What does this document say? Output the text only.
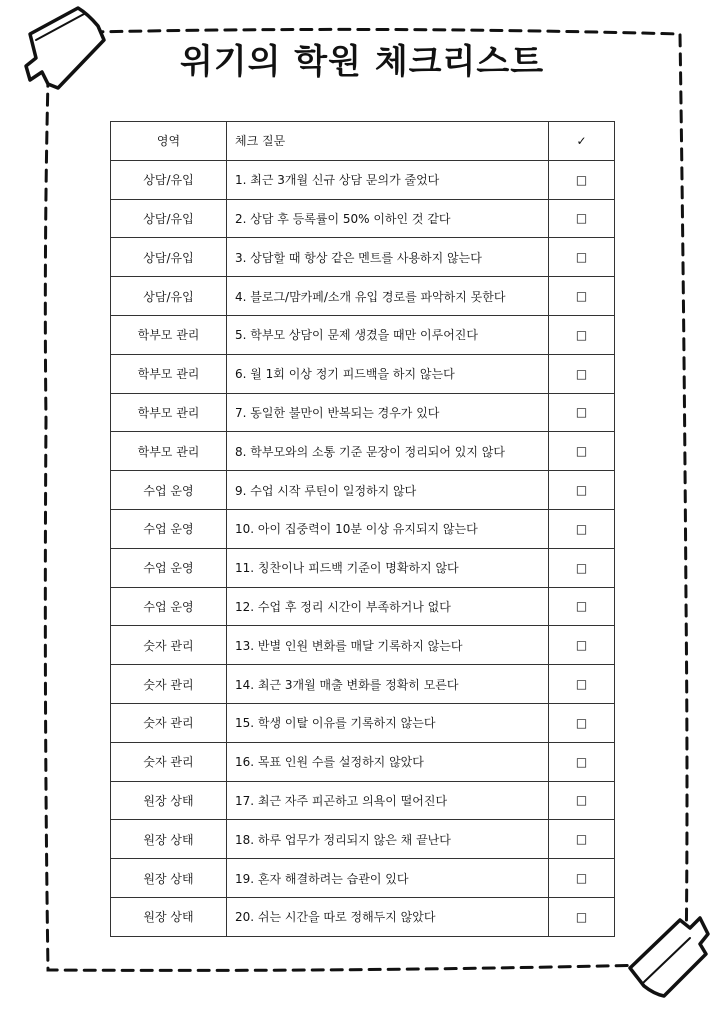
위기의 학원 체크리스트
영역	체크 질문	✓
상담/유입	1. 최근 3개월 신규 상담 문의가 줄었다	□
상담/유입	2. 상담 후 등록률이 50% 이하인 것 같다	□
상담/유입	3. 상담할 때 항상 같은 멘트를 사용하지 않는다	□
상담/유입	4. 블로그/맘카페/소개 유입 경로를 파악하지 못한다	□
학부모 관리	5. 학부모 상담이 문제 생겼을 때만 이루어진다	□
학부모 관리	6. 월 1회 이상 정기 피드백을 하지 않는다	□
학부모 관리	7. 동일한 불만이 반복되는 경우가 있다	□
학부모 관리	8. 학부모와의 소통 기준 문장이 정리되어 있지 않다	□
수업 운영	9. 수업 시작 루틴이 일정하지 않다	□
수업 운영	10. 아이 집중력이 10분 이상 유지되지 않는다	□
수업 운영	11. 칭찬이나 피드백 기준이 명확하지 않다	□
수업 운영	12. 수업 후 정리 시간이 부족하거나 없다	□
숫자 관리	13. 반별 인원 변화를 매달 기록하지 않는다	□
숫자 관리	14. 최근 3개월 매출 변화를 정확히 모른다	□
숫자 관리	15. 학생 이탈 이유를 기록하지 않는다	□
숫자 관리	16. 목표 인원 수를 설정하지 않았다	□
원장 상태	17. 최근 자주 피곤하고 의욕이 떨어진다	□
원장 상태	18. 하루 업무가 정리되지 않은 채 끝난다	□
원장 상태	19. 혼자 해결하려는 습관이 있다	□
원장 상태	20. 쉬는 시간을 따로 정해두지 않았다	□
